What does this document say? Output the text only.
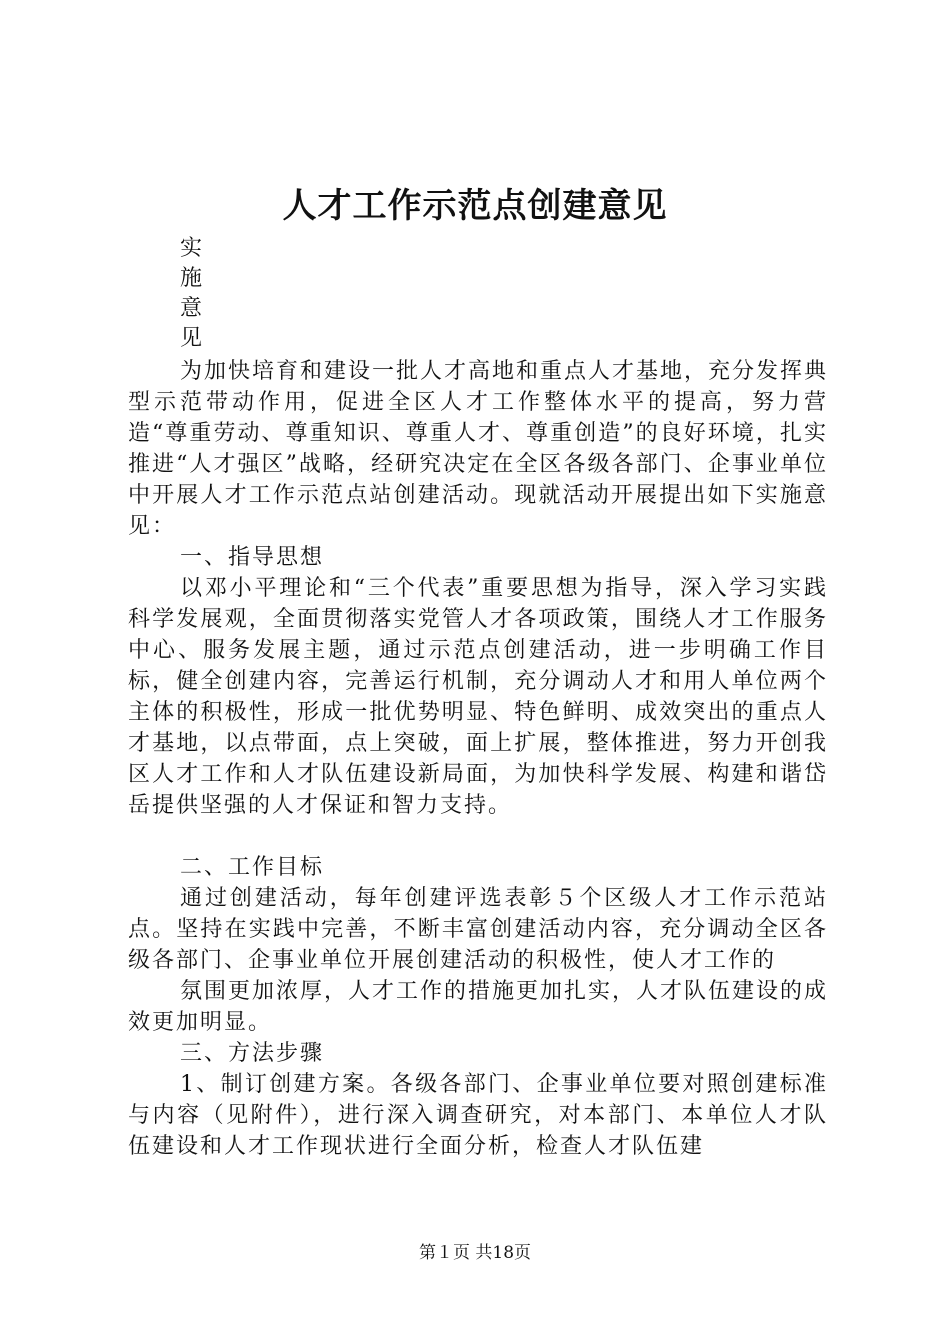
人才工作示范点创建意见
实
施
意
见

为加快培育和建设一批人才高地和重点人才基地，充分发挥典型示范带动作用，促进全区人才工作整体水平的提高，努力营造“尊重劳动、尊重知识、尊重人才、尊重创造”的良好环境，扎实推进“人才强区”战略，经研究决定在全区各级各部门、企事业单位中开展人才工作示范点站创建活动。现就活动开展提出如下实施意见：

一、指导思想

以邓小平理论和“三个代表”重要思想为指导，深入学习实践科学发展观，全面贯彻落实党管人才各项政策，围绕人才工作服务中心、服务发展主题，通过示范点创建活动，进一步明确工作目标，健全创建内容，完善运行机制，充分调动人才和用人单位两个主体的积极性，形成一批优势明显、特色鲜明、成效突出的重点人才基地，以点带面，点上突破，面上扩展，整体推进，努力开创我区人才工作和人才队伍建设新局面，为加快科学发展、构建和谐岱岳提供坚强的人才保证和智力支持。

二、工作目标

通过创建活动，每年创建评选表彰５个区级人才工作示范站点。坚持在实践中完善，不断丰富创建活动内容，充分调动全区各级各部门、企事业单位开展创建活动的积极性，使人才工作的

氛围更加浓厚，人才工作的措施更加扎实，人才队伍建设的成效更加明显。

三、方法步骤

1、制订创建方案。各级各部门、企事业单位要对照创建标准与内容（见附件），进行深入调查研究，对本部门、本单位人才队伍建设和人才工作现状进行全面分析，检查人才队伍建

第１页 共18页
